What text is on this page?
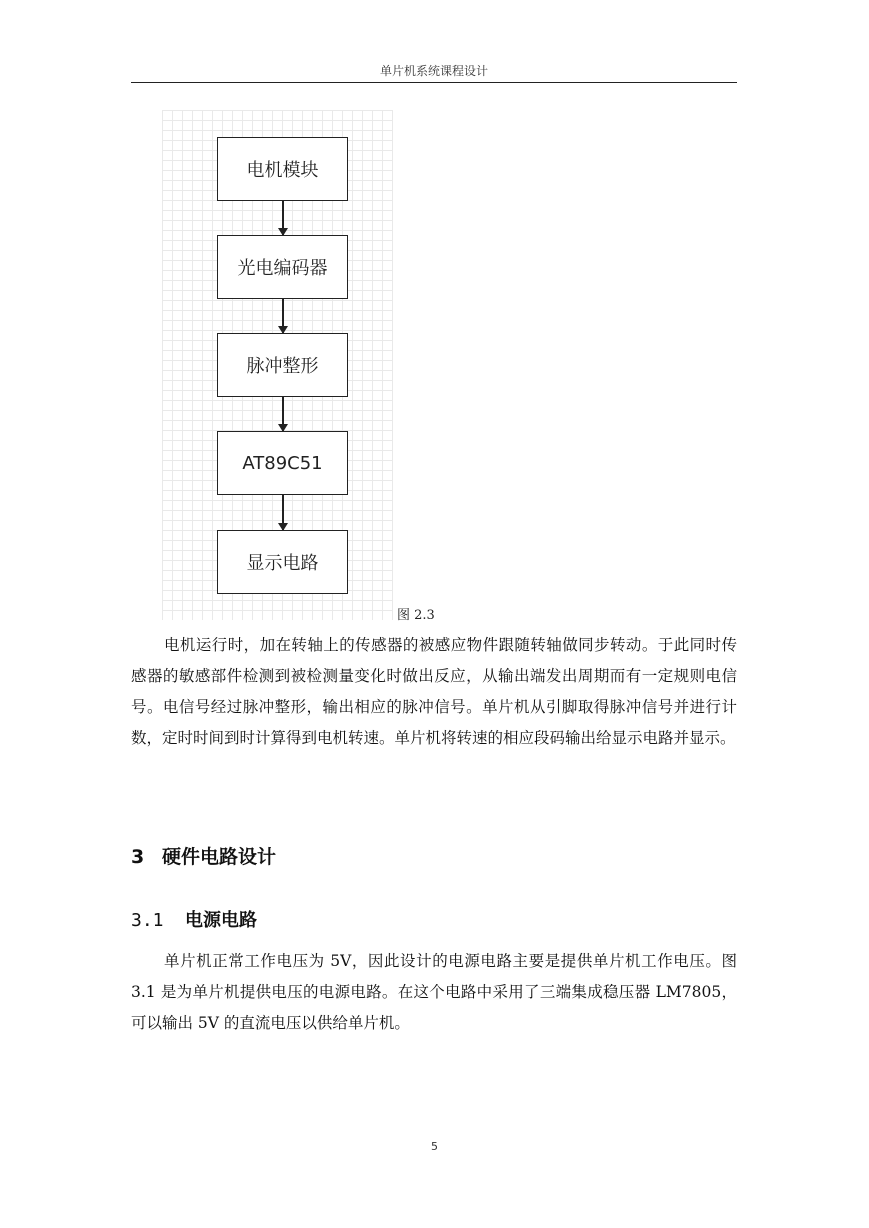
单片机系统课程设计
电机模块
光电编码器
脉冲整形
AT89C51
显示电路
图 2.3

电机运行时，加在转轴上的传感器的被感应物件跟随转轴做同步转动。于此同时传感器的敏感部件检测到被检测量变化时做出反应，从输出端发出周期而有一定规则电信号。电信号经过脉冲整形，输出相应的脉冲信号。单片机从引脚取得脉冲信号并进行计数，定时时间到时计算得到电机转速。单片机将转速的相应段码输出给显示电路并显示。

3 硬件电路设计
3.1 电源电路

单片机正常工作电压为 5V，因此设计的电源电路主要是提供单片机工作电压。图 3.1 是为单片机提供电压的电源电路。在这个电路中采用了三端集成稳压器 LM7805，可以输出 5V 的直流电压以供给单片机。

5
